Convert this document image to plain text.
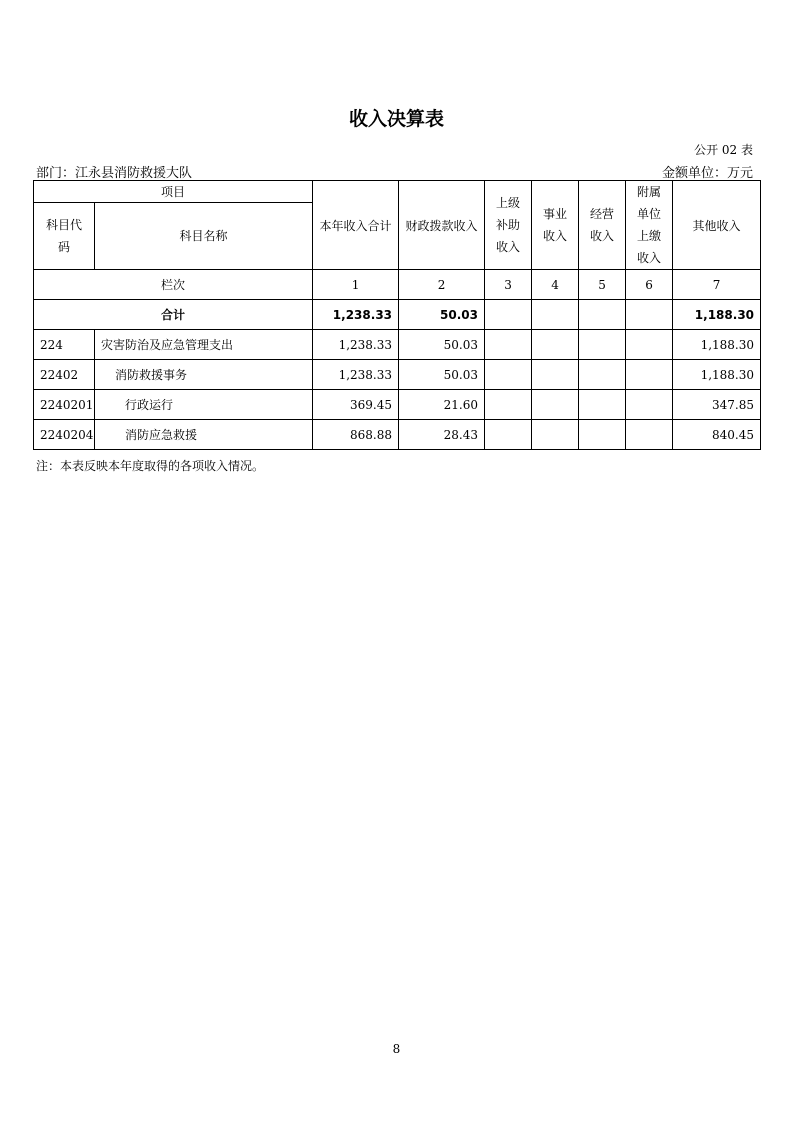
收入决算表
公开 02 表
部门：江永县消防救援大队	金额单位：万元
项目		本年收入合计	财政拨款收入	上级补助收入	事业收入	经营收入	附属单位上缴收入	其他收入
科目代码	科目名称							
栏次		1	2	3	4	5	6	7
合计		1,238.33	50.03					1,188.30
224	灾害防治及应急管理支出	1,238.33	50.03					1,188.30
22402	消防救援事务	1,238.33	50.03					1,188.30
2240201	行政运行	369.45	21.60					347.85
2240204	消防应急救援	868.88	28.43					840.45
注：本表反映本年度取得的各项收入情况。
8
